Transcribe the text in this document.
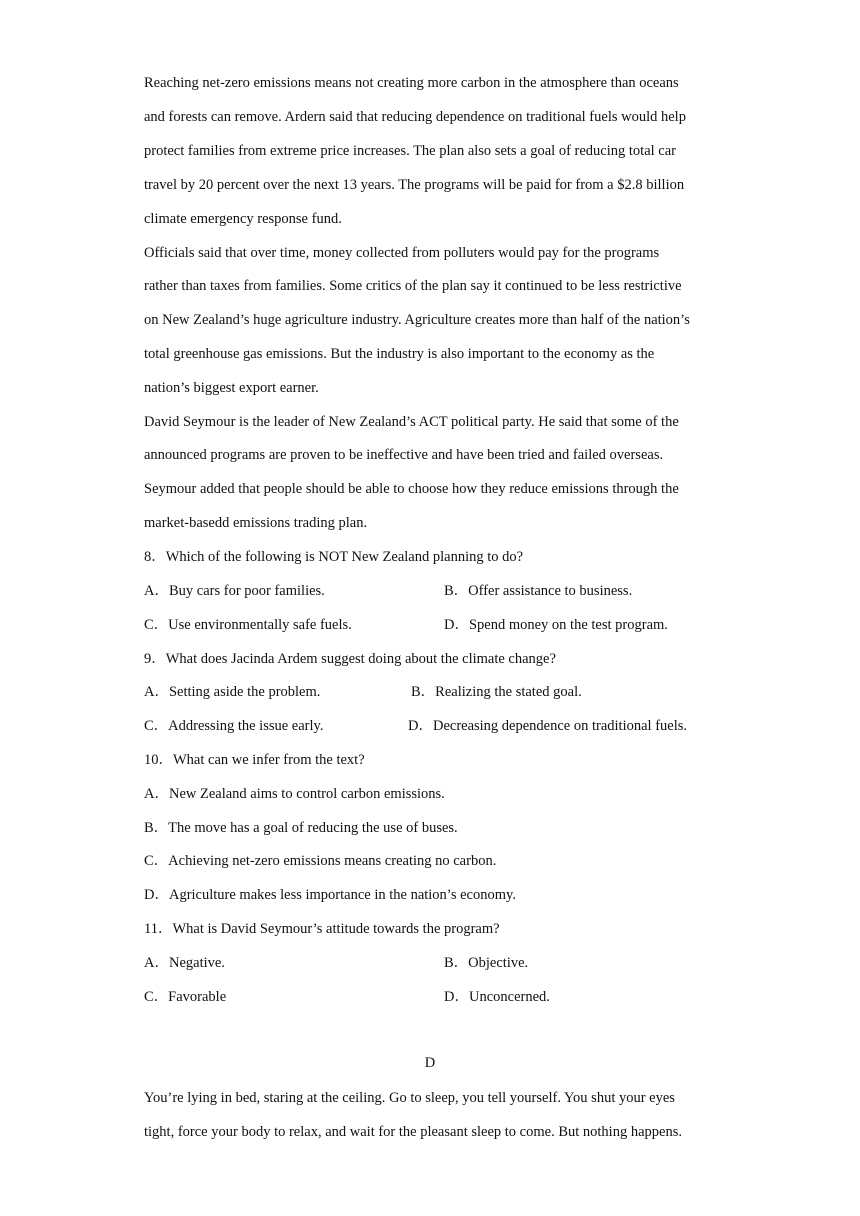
Reaching net-zero emissions means not creating more carbon in the atmosphere than oceans
and forests can remove. Ardern said that reducing dependence on traditional fuels would help
protect families from extreme price increases. The plan also sets a goal of reducing total car
travel by 20 percent over the next 13 years. The programs will be paid for from a $2.8 billion
climate emergency response fund.
Officials said that over time, money collected from polluters would pay for the programs
rather than taxes from families. Some critics of the plan say it continued to be less restrictive
on New Zealand’s huge agriculture industry. Agriculture creates more than half of the nation’s
total greenhouse gas emissions. But the industry is also important to the economy as the
nation’s biggest export earner.
David Seymour is the leader of New Zealand’s ACT political party. He said that some of the
announced programs are proven to be ineffective and have been tried and failed overseas.
Seymour added that people should be able to choose how they reduce emissions through the
market-basedd emissions trading plan.
8．Which of the following is NOT New Zealand planning to do?
A．Buy cars for poor families.	B．Offer assistance to business.
C．Use environmentally safe fuels.	D．Spend money on the test program.
9．What does Jacinda Ardem suggest doing about the climate change?
A．Setting aside the problem.	B．Realizing the stated goal.
C．Addressing the issue early.	D．Decreasing dependence on traditional fuels.
10．What can we infer from the text?
A．New Zealand aims to control carbon emissions.
B．The move has a goal of reducing the use of buses.
C．Achieving net-zero emissions means creating no carbon.
D．Agriculture makes less importance in the nation’s economy.
11．What is David Seymour’s attitude towards the program?
A．Negative.	B．Objective.
C．Favorable	D．Unconcerned.
D
You’re lying in bed, staring at the ceiling. Go to sleep, you tell yourself. You shut your eyes
tight, force your body to relax, and wait for the pleasant sleep to come. But nothing happens.
